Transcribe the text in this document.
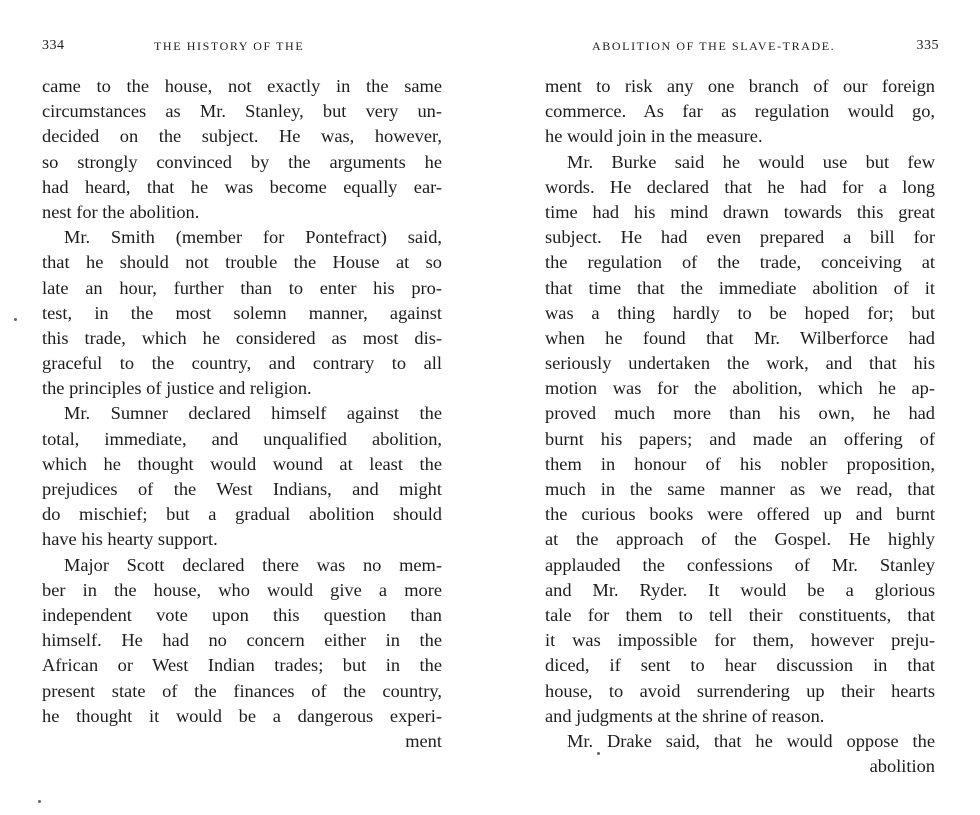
334	THE HISTORY OF THE
came to the house, not exactly in the same
circumstances as Mr. Stanley, but very un-
decided on the subject. He was, however,
so strongly convinced by the arguments he
had heard, that he was become equally ear-
nest for the abolition.
Mr. Smith (member for Pontefract) said,
that he should not trouble the House at so
late an hour, further than to enter his pro-
test, in the most solemn manner, against
this trade, which he considered as most dis-
graceful to the country, and contrary to all
the principles of justice and religion.
Mr. Sumner declared himself against the
total, immediate, and unqualified abolition,
which he thought would wound at least the
prejudices of the West Indians, and might
do mischief; but a gradual abolition should
have his hearty support.
Major Scott declared there was no mem-
ber in the house, who would give a more
independent vote upon this question than
himself. He had no concern either in the
African or West Indian trades; but in the
present state of the finances of the country,
he thought it would be a dangerous experi-
ment
ABOLITION OF THE SLAVE-TRADE.	335
ment to risk any one branch of our foreign
commerce. As far as regulation would go,
he would join in the measure.
Mr. Burke said he would use but few
words. He declared that he had for a long
time had his mind drawn towards this great
subject. He had even prepared a bill for
the regulation of the trade, conceiving at
that time that the immediate abolition of it
was a thing hardly to be hoped for; but
when he found that Mr. Wilberforce had
seriously undertaken the work, and that his
motion was for the abolition, which he ap-
proved much more than his own, he had
burnt his papers; and made an offering of
them in honour of his nobler proposition,
much in the same manner as we read, that
the curious books were offered up and burnt
at the approach of the Gospel. He highly
applauded the confessions of Mr. Stanley
and Mr. Ryder. It would be a glorious
tale for them to tell their constituents, that
it was impossible for them, however preju-
diced, if sent to hear discussion in that
house, to avoid surrendering up their hearts
and judgments at the shrine of reason.
Mr. Drake said, that he would oppose the
abolition
